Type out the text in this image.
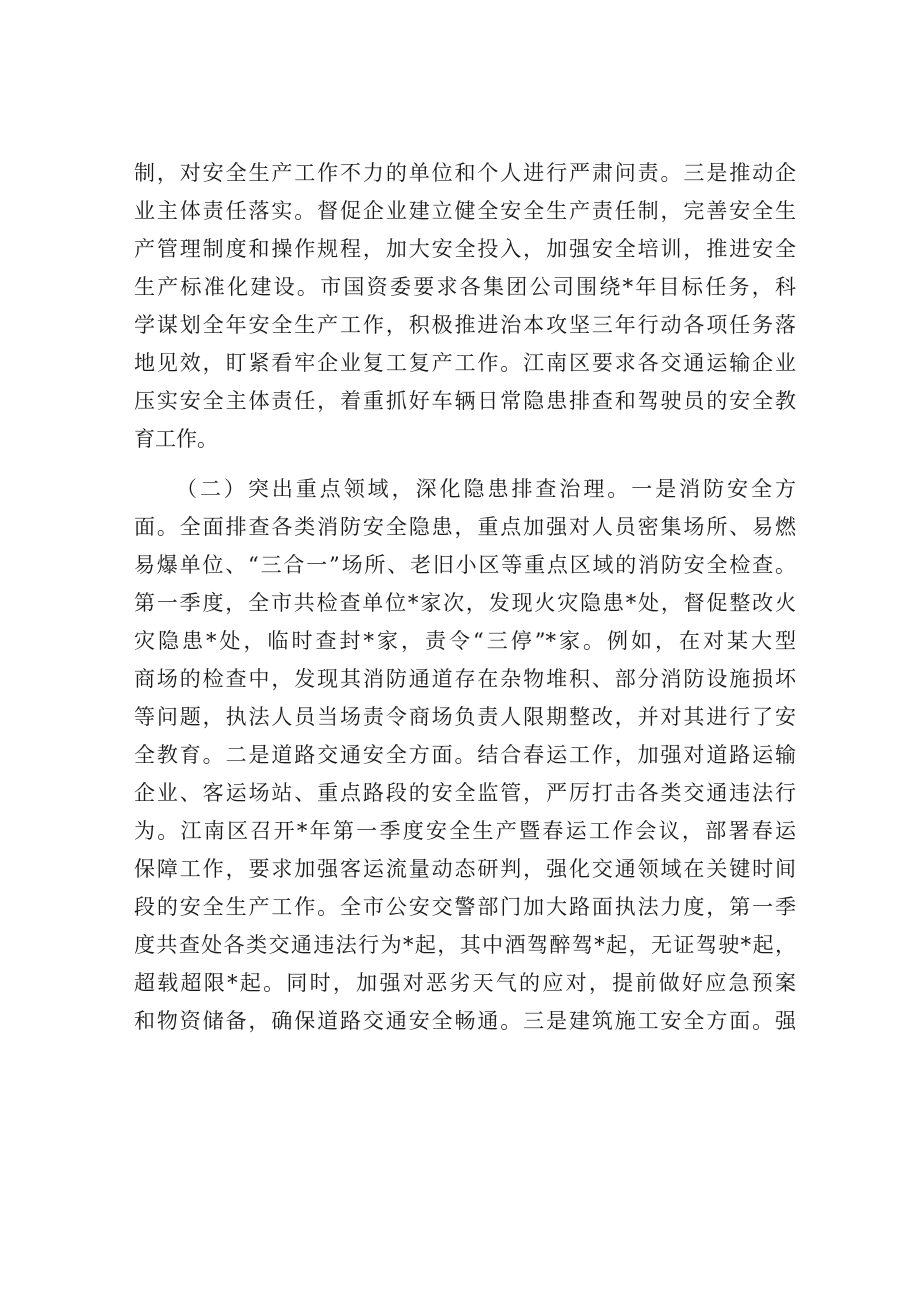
制，对安全生产工作不力的单位和个人进行严肃问责。三是推动企
业主体责任落实。督促企业建立健全安全生产责任制，完善安全生
产管理制度和操作规程，加大安全投入，加强安全培训，推进安全
生产标准化建设。市国资委要求各集团公司围绕*年目标任务，科
学谋划全年安全生产工作，积极推进治本攻坚三年行动各项任务落
地见效，盯紧看牢企业复工复产工作。江南区要求各交通运输企业
压实安全主体责任，着重抓好车辆日常隐患排查和驾驶员的安全教
育工作。
（二）突出重点领域，深化隐患排查治理。一是消防安全方
面。全面排查各类消防安全隐患，重点加强对人员密集场所、易燃
易爆单位、“三合一”场所、老旧小区等重点区域的消防安全检查。
第一季度，全市共检查单位*家次，发现火灾隐患*处，督促整改火
灾隐患*处，临时查封*家，责令“三停”*家。例如，在对某大型
商场的检查中，发现其消防通道存在杂物堆积、部分消防设施损坏
等问题，执法人员当场责令商场负责人限期整改，并对其进行了安
全教育。二是道路交通安全方面。结合春运工作，加强对道路运输
企业、客运场站、重点路段的安全监管，严厉打击各类交通违法行
为。江南区召开*年第一季度安全生产暨春运工作会议，部署春运
保障工作，要求加强客运流量动态研判，强化交通领域在关键时间
段的安全生产工作。全市公安交警部门加大路面执法力度，第一季
度共查处各类交通违法行为*起，其中酒驾醉驾*起，无证驾驶*起，
超载超限*起。同时，加强对恶劣天气的应对，提前做好应急预案
和物资储备，确保道路交通安全畅通。三是建筑施工安全方面。强
